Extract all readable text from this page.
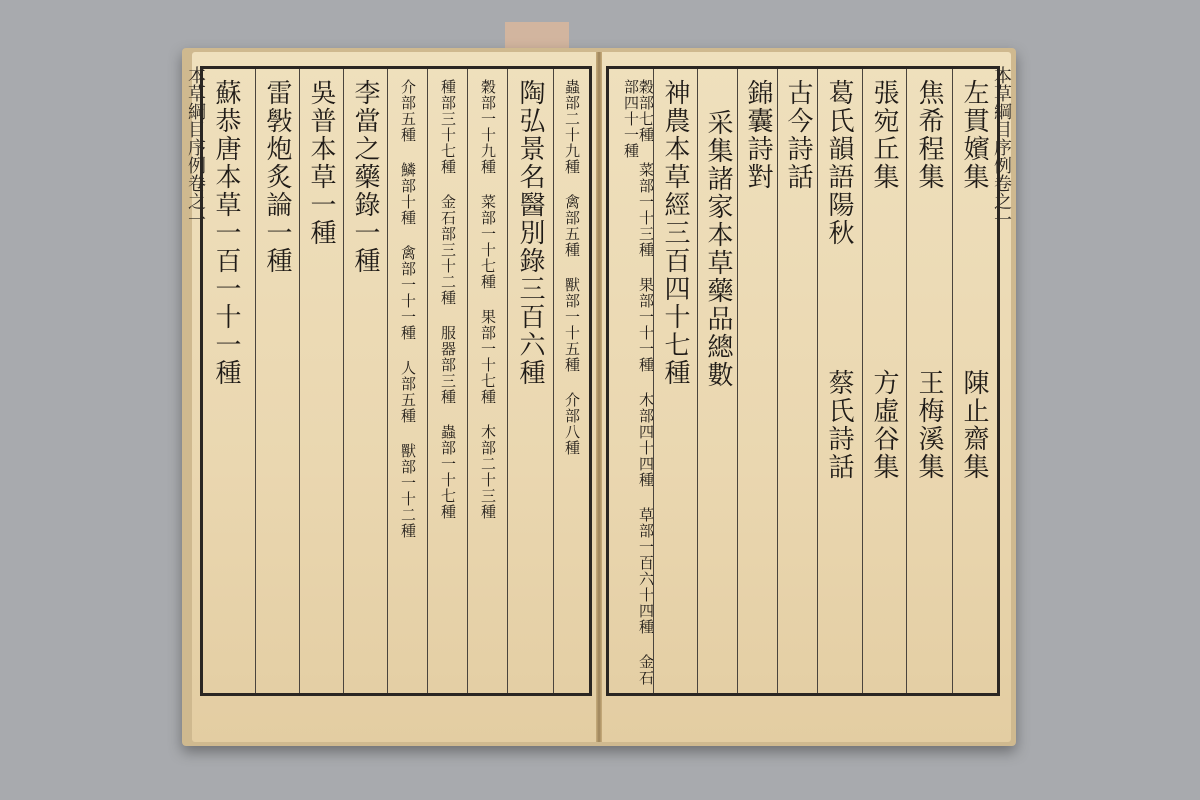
穀部七種 菜部一十三種 果部一十一種 木部四十四種 草部一百六十四種 金石部四十一種 神農本草經三百四十七種 采集諸家本草藥品總數 錦囊詩對 古今詩話 葛氏韻語陽秋
蔡氏詩話
張宛丘集
方虛谷集
焦希程集
王梅溪集
左貫嬪集
陳止齋集
蘇恭唐本草一百一十一種 雷斅炮炙論一種 吳普本草一種 李當之藥錄一種 介部五種 鱗部十種 禽部一十一種 人部五種 獸部一十二種 種部三十七種 金石部三十二種 服器部三種 蟲部一十七種 穀部一十九種 菜部一十七種 果部一十七種 木部二十三種 陶弘景名醫別錄三百六種 蟲部二十九種 禽部五種 獸部一十五種 介部八種
本草綱目序例卷之一	本草綱目序例卷之一
